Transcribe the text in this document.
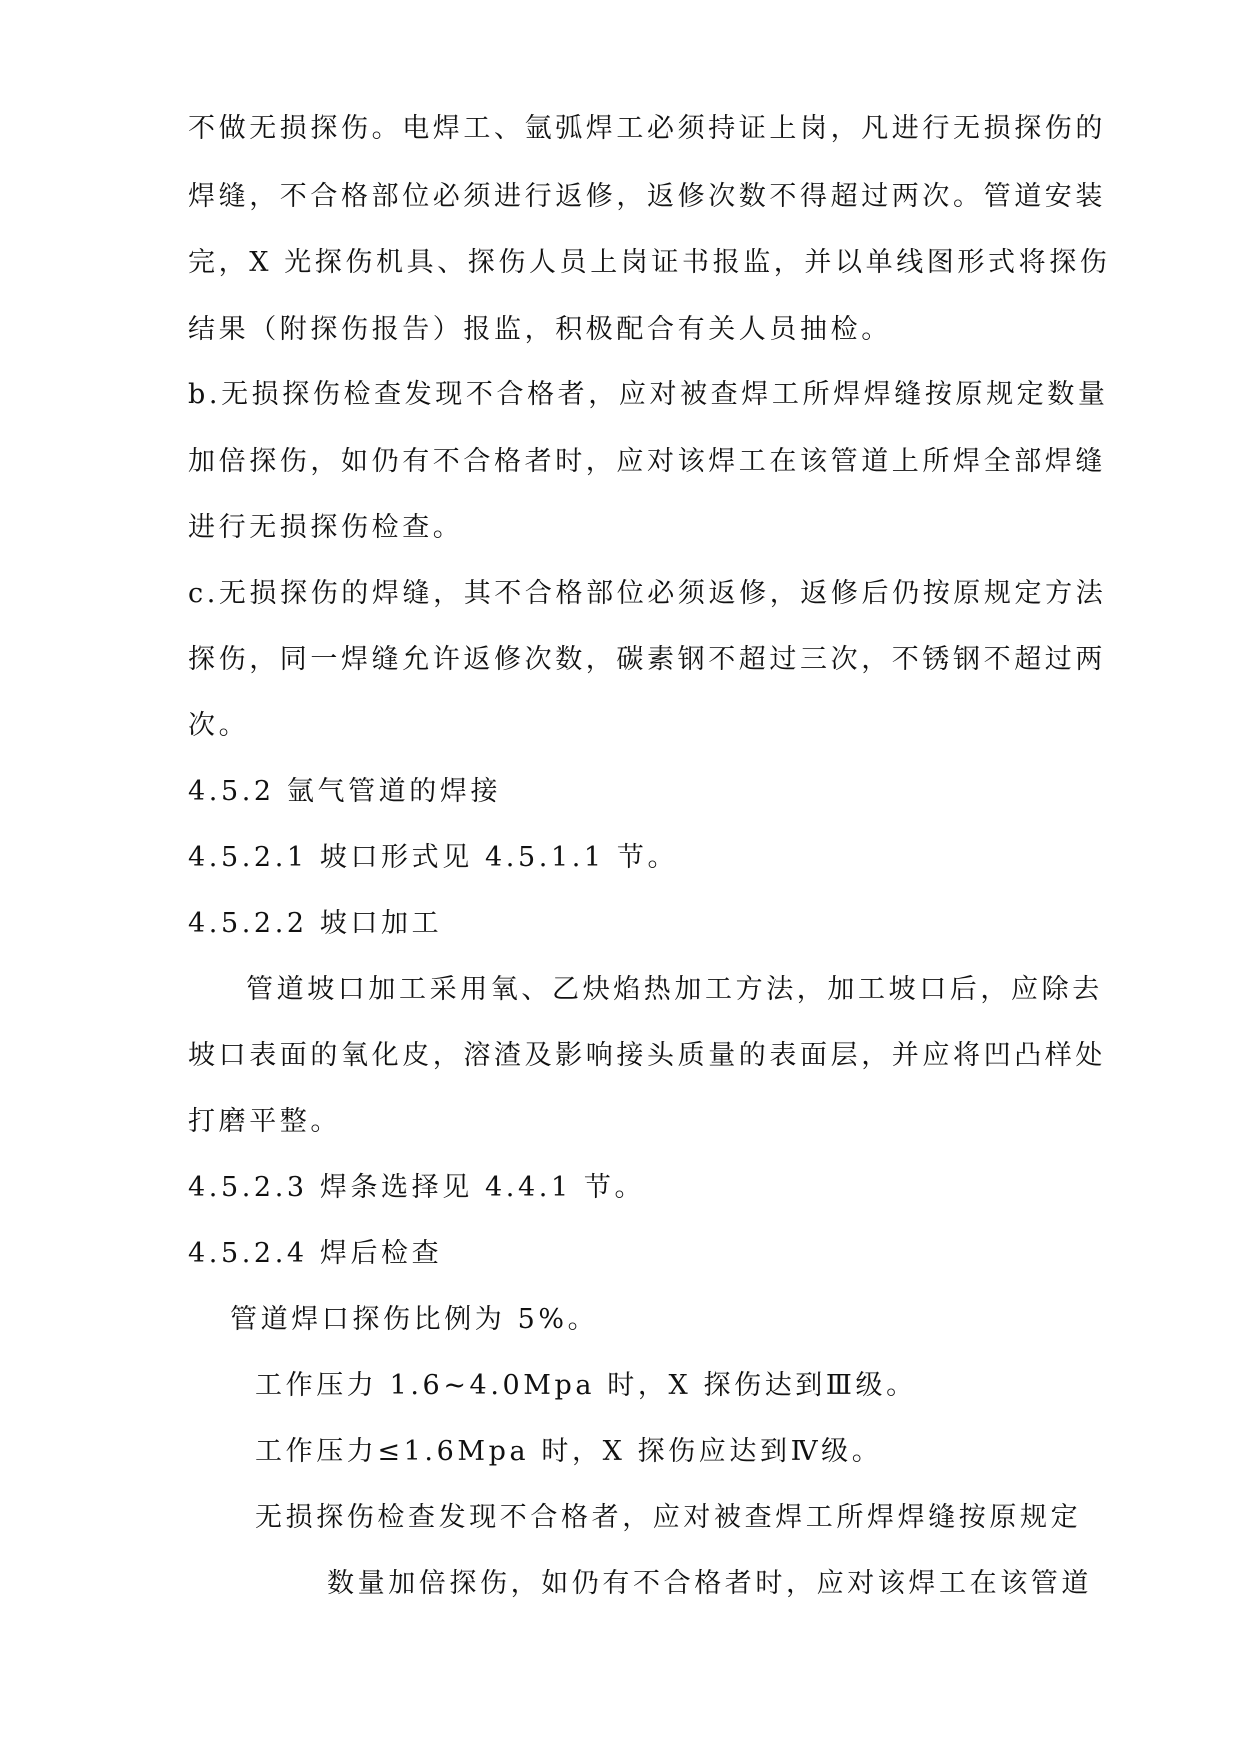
不做无损探伤。电焊工、氩弧焊工必须持证上岗，凡进行无损探伤的
焊缝，不合格部位必须进行返修，返修次数不得超过两次。管道安装
完，X 光探伤机具、探伤人员上岗证书报监，并以单线图形式将探伤
结果（附探伤报告）报监，积极配合有关人员抽检。
b.无损探伤检查发现不合格者，应对被查焊工所焊焊缝按原规定数量
加倍探伤，如仍有不合格者时，应对该焊工在该管道上所焊全部焊缝
进行无损探伤检查。
c.无损探伤的焊缝，其不合格部位必须返修，返修后仍按原规定方法
探伤，同一焊缝允许返修次数，碳素钢不超过三次，不锈钢不超过两
次。
4.5.2 氩气管道的焊接
4.5.2.1 坡口形式见 4.5.1.1 节。
4.5.2.2 坡口加工
管道坡口加工采用氧、乙炔焰热加工方法，加工坡口后，应除去
坡口表面的氧化皮，溶渣及影响接头质量的表面层，并应将凹凸样处
打磨平整。
4.5.2.3 焊条选择见 4.4.1 节。
4.5.2.4 焊后检查
管道焊口探伤比例为 5%。
工作压力 1.6~4.0Mpa 时，X 探伤达到Ⅲ级。
工作压力≤1.6Mpa 时，X 探伤应达到Ⅳ级。
无损探伤检查发现不合格者，应对被查焊工所焊焊缝按原规定
数量加倍探伤，如仍有不合格者时，应对该焊工在该管道
